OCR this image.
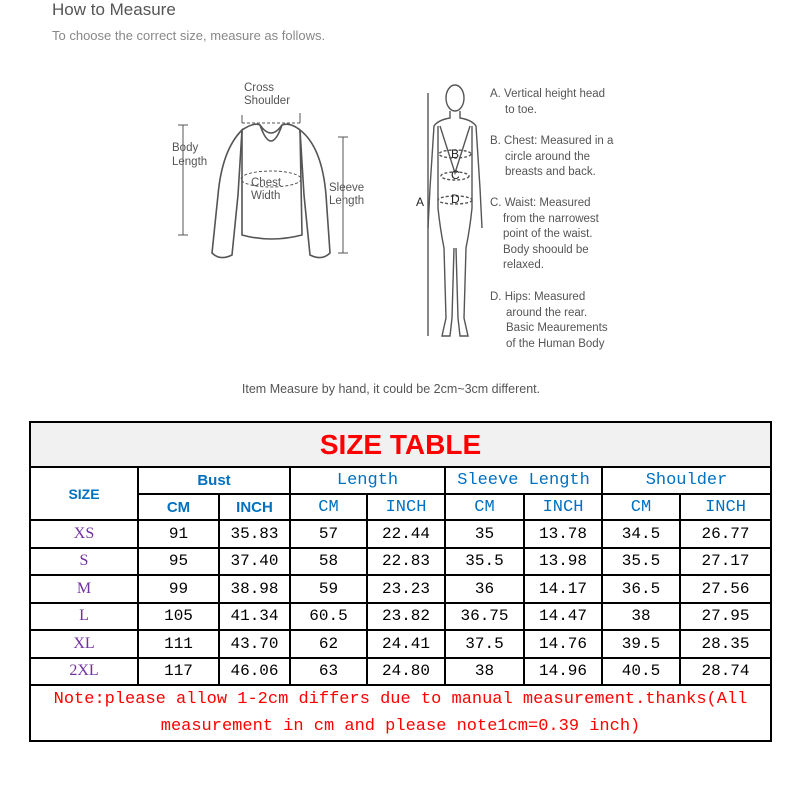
How to Measure
To choose the correct size, measure as follows.
Cross
Shoulder
Body
Length
Chest
Width
Sleeve
Length	A
B
C
D
A. Vertical height head
to toe.
B. Chest: Measured in a
circle around the
breasts and back.
C. Waist: Measured
from the narrowest
point of the waist.
Body shoould be
relaxed.
D. Hips: Measured
around the rear.
Basic Meaurements
of the Human Body
Item Measure by hand, it could be 2cm~3cm different.
SIZE TABLE								
SIZE	Bust		Length		Sleeve Length		Shoulder	
	CM	INCH	CM	INCH	CM	INCH	CM	INCH
XS	91	35.83	57	22.44	35	13.78	34.5	26.77
S	95	37.40	58	22.83	35.5	13.98	35.5	27.17
M	99	38.98	59	23.23	36	14.17	36.5	27.56
L	105	41.34	60.5	23.82	36.75	14.47	38	27.95
XL	111	43.70	62	24.41	37.5	14.76	39.5	28.35
2XL	117	46.06	63	24.80	38	14.96	40.5	28.74
Note:please allow 1-2cm differs due to manual measurement.thanks(All measurement in cm and please note1cm=0.39 inch)								
